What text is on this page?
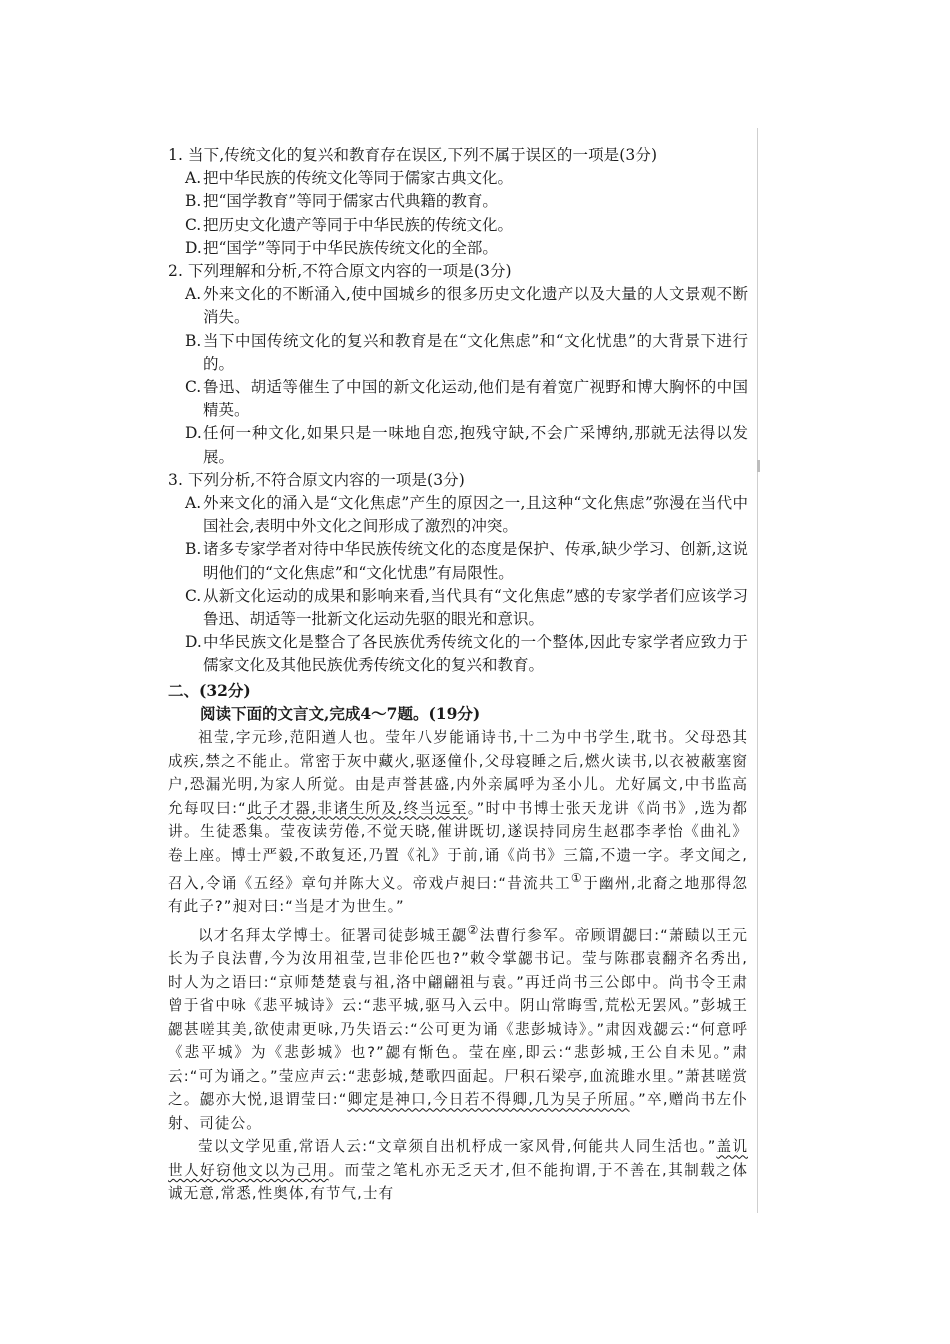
1. 当下,传统文化的复兴和教育存在误区,下列不属于误区的一项是(3分)
A. 把中华民族的传统文化等同于儒家古典文化。
B. 把“国学教育”等同于儒家古代典籍的教育。
C. 把历史文化遗产等同于中华民族的传统文化。
D. 把“国学”等同于中华民族传统文化的全部。
2. 下列理解和分析,不符合原文内容的一项是(3分)
A. 外来文化的不断涌入,使中国城乡的很多历史文化遗产以及大量的人文景观不断消失。
B. 当下中国传统文化的复兴和教育是在“文化焦虑”和“文化忧患”的大背景下进行的。
C. 鲁迅、胡适等催生了中国的新文化运动,他们是有着宽广视野和博大胸怀的中国精英。
D. 任何一种文化,如果只是一味地自恋,抱残守缺,不会广采博纳,那就无法得以发展。
3. 下列分析,不符合原文内容的一项是(3分)
A. 外来文化的涌入是“文化焦虑”产生的原因之一,且这种“文化焦虑”弥漫在当代中国社会,表明中外文化之间形成了激烈的冲突。
B. 诸多专家学者对待中华民族传统文化的态度是保护、传承,缺少学习、创新,这说明他们的“文化焦虑”和“文化忧患”有局限性。
C. 从新文化运动的成果和影响来看,当代具有“文化焦虑”感的专家学者们应该学习鲁迅、胡适等一批新文化运动先驱的眼光和意识。
D. 中华民族文化是整合了各民族优秀传统文化的一个整体,因此专家学者应致力于儒家文化及其他民族优秀传统文化的复兴和教育。
二、(32分)
阅读下面的文言文,完成4～7题。(19分)

祖莹,字元珍,范阳遒人也。莹年八岁能诵诗书,十二为中书学生,耽书。父母恐其成疾,禁之不能止。常密于灰中藏火,驱逐僮仆,父母寝睡之后,燃火读书,以衣被蔽塞窗户,恐漏光明,为家人所觉。由是声誉甚盛,内外亲属呼为圣小儿。尤好属文,中书监高允每叹曰:“此子才器,非诸生所及,终当远至。”时中书博士张天龙讲《尚书》,选为都讲。生徒悉集。莹夜读劳倦,不觉天晓,催讲既切,遂误持同房生赵郡李孝怡《曲礼》卷上座。博士严毅,不敢复还,乃置《礼》于前,诵《尚书》三篇,不遗一字。孝文闻之,召入,令诵《五经》章句并陈大义。帝戏卢昶曰:“昔流共工①于幽州,北裔之地那得忽有此子?”昶对曰:“当是才为世生。”

以才名拜太学博士。征署司徒彭城王勰②法曹行参军。帝顾谓勰曰:“萧赜以王元长为子良法曹,今为汝用祖莹,岂非伦匹也?”敕令掌勰书记。莹与陈郡袁翻齐名秀出,时人为之语曰:“京师楚楚袁与祖,洛中翩翩祖与袁。”再迁尚书三公郎中。尚书令王肃曾于省中咏《悲平城诗》云:“悲平城,驱马入云中。阴山常晦雪,荒松无罢风。”彭城王勰甚嗟其美,欲使肃更咏,乃失语云:“公可更为诵《悲彭城诗》。”肃因戏勰云:“何意呼《悲平城》为《悲彭城》也?”勰有惭色。莹在座,即云:“悲彭城,王公自未见。”肃云:“可为诵之。”莹应声云:“悲彭城,楚歌四面起。尸积石梁亭,血流雎水里。”萧甚嗟赏之。勰亦大悦,退谓莹曰:“卿定是神口,今日若不得卿,几为吴子所屈。”卒,赠尚书左仆射、司徒公。

莹以文学见重,常语人云:“文章须自出机杼成一家风骨,何能共人同生活也。”盖讥世人好窃他文以为己用。而莹之笔札亦无乏天才,但不能拘谓,于不善在,其制载之体诚无意,常悉,性奥体,有节气,士有
